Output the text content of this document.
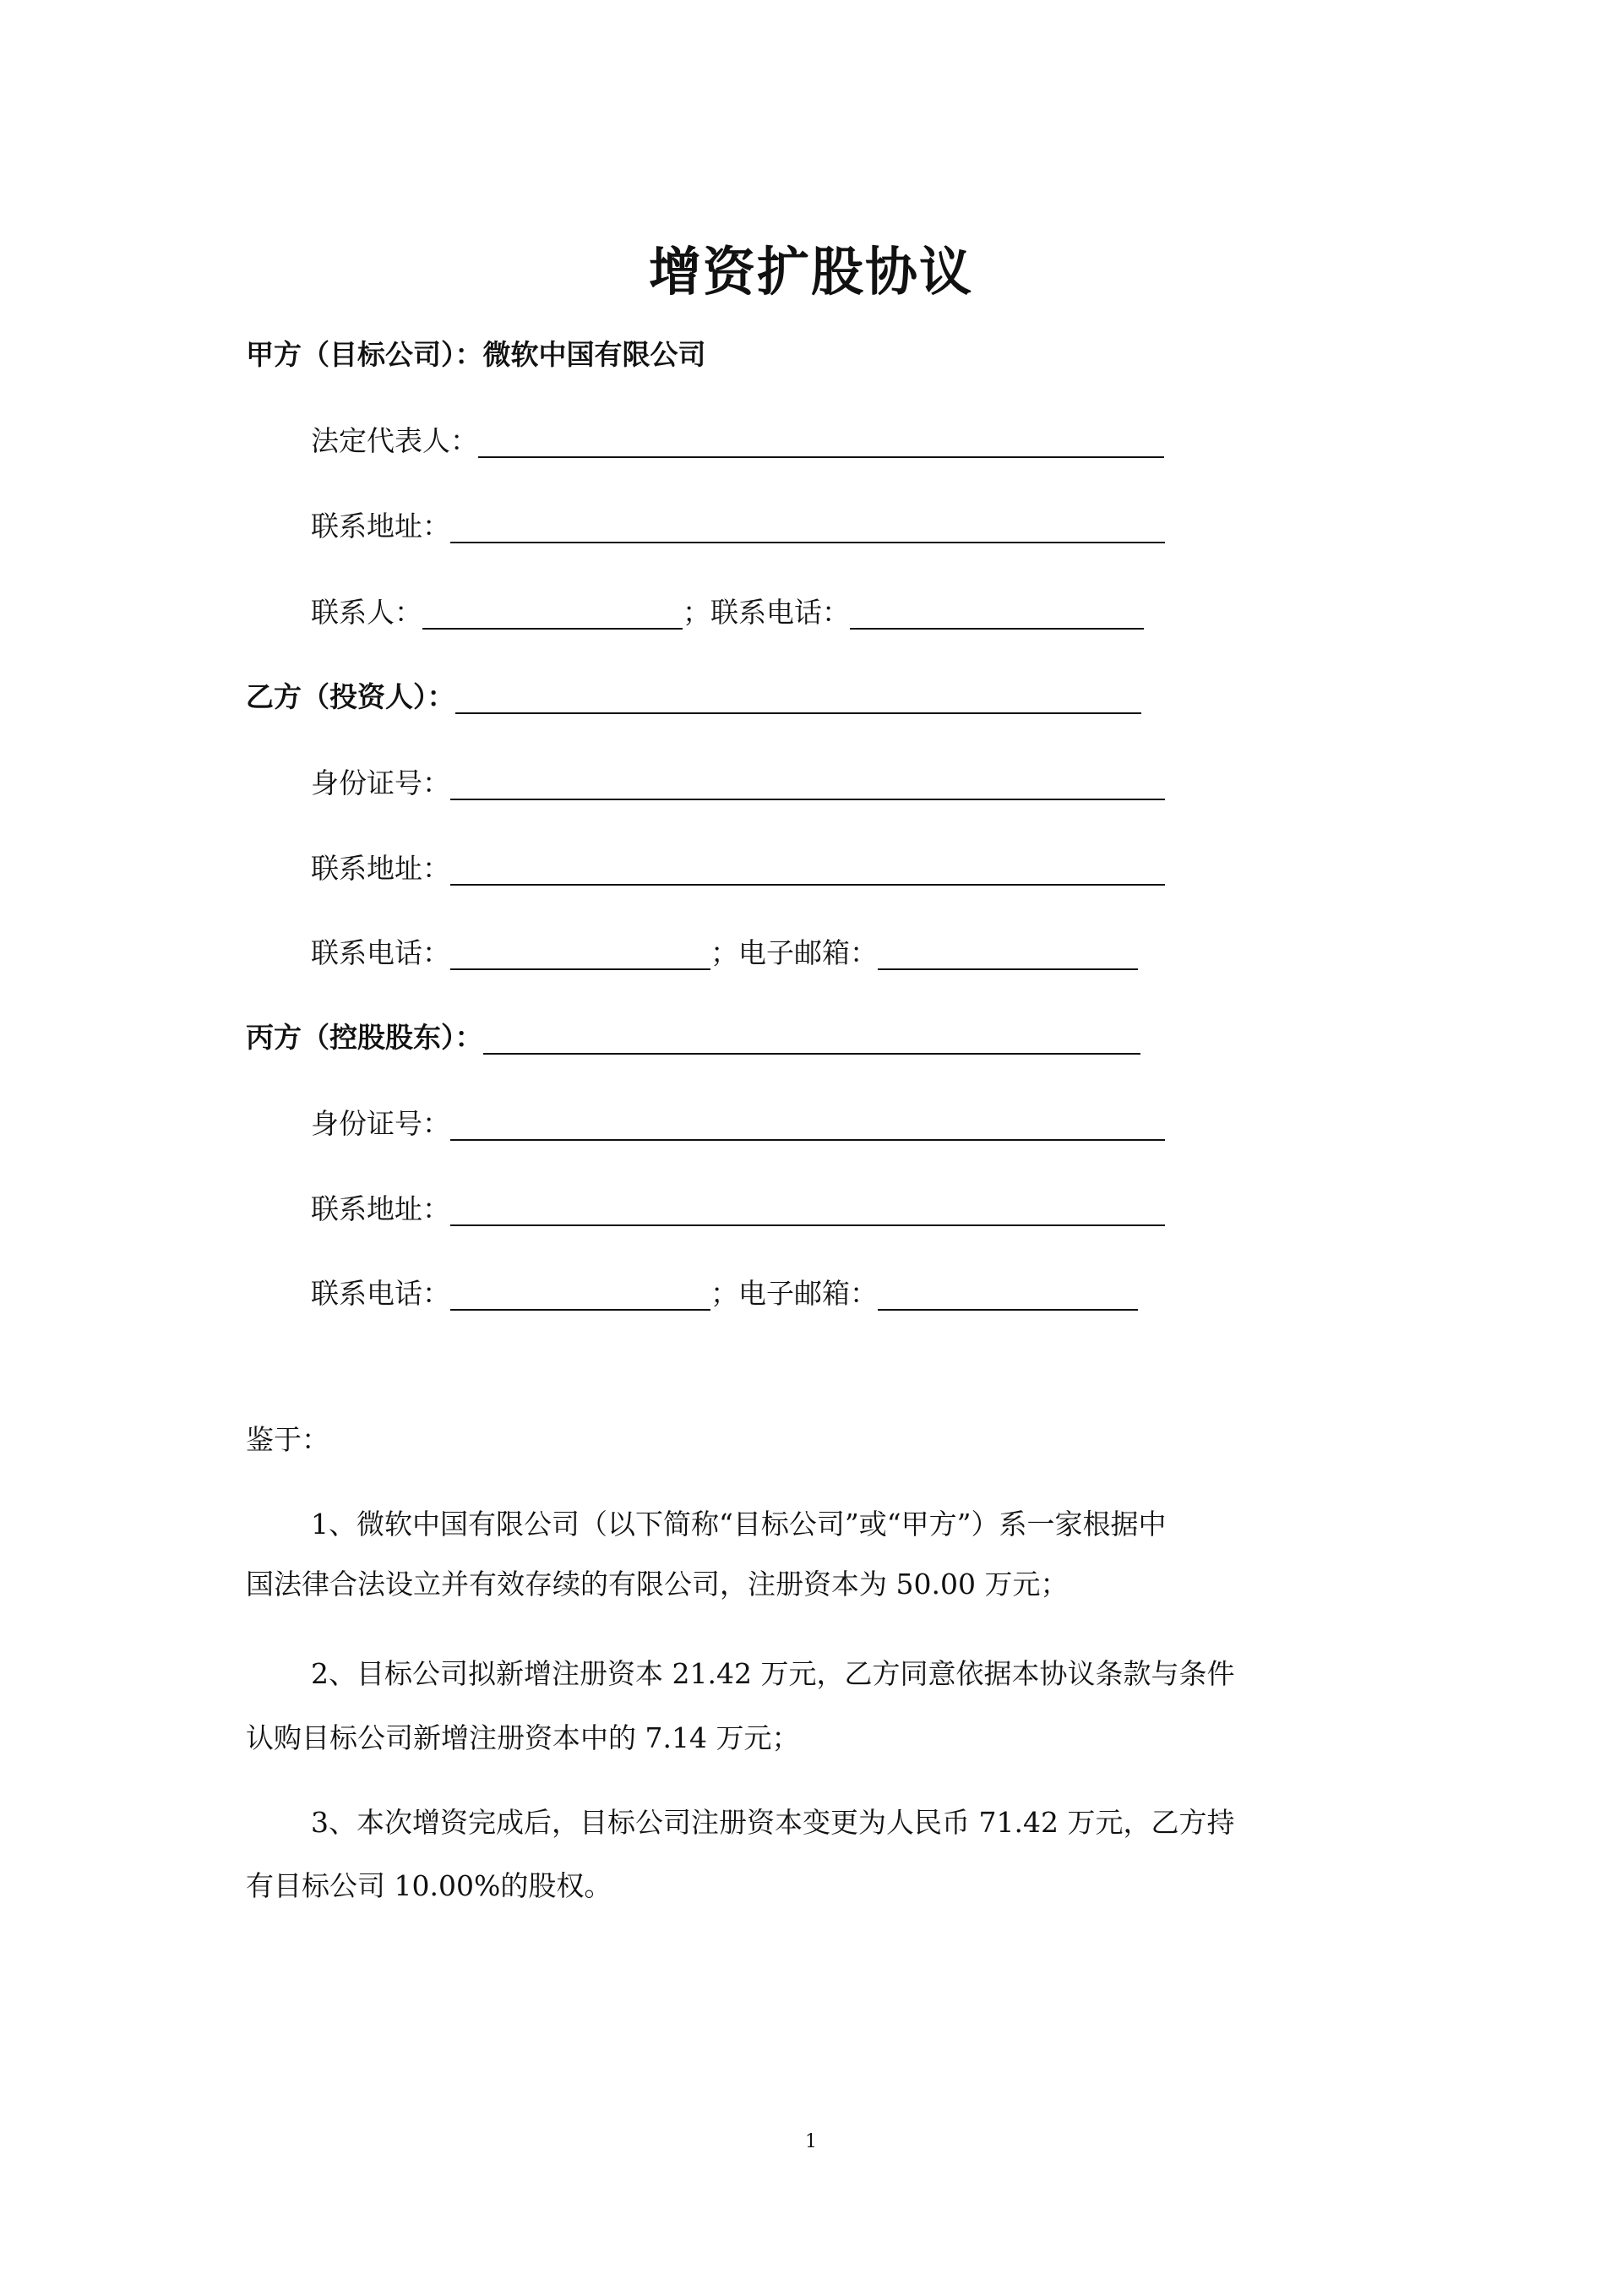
增资扩股协议
甲方（目标公司）： 微软中国有限公司
法定代表人：
联系地址：
联系人：	；联系电话：
乙方（投资人）：
身份证号：
联系地址：
联系电话：	；电子邮箱：
丙方（控股股东）：
身份证号：
联系地址：
联系电话：	；电子邮箱：
鉴于：
1、微软中国有限公司（以下简称“目标公司”或“甲方”）系一家根据中
国法律合法设立并有效存续的有限公司，注册资本为 50.00 万元；
2、目标公司拟新增注册资本 21.42 万元，乙方同意依据本协议条款与条件
认购目标公司新增注册资本中的 7.14 万元；
3、本次增资完成后，目标公司注册资本变更为人民币 71.42 万元，乙方持
有目标公司 10.00%的股权。
1
